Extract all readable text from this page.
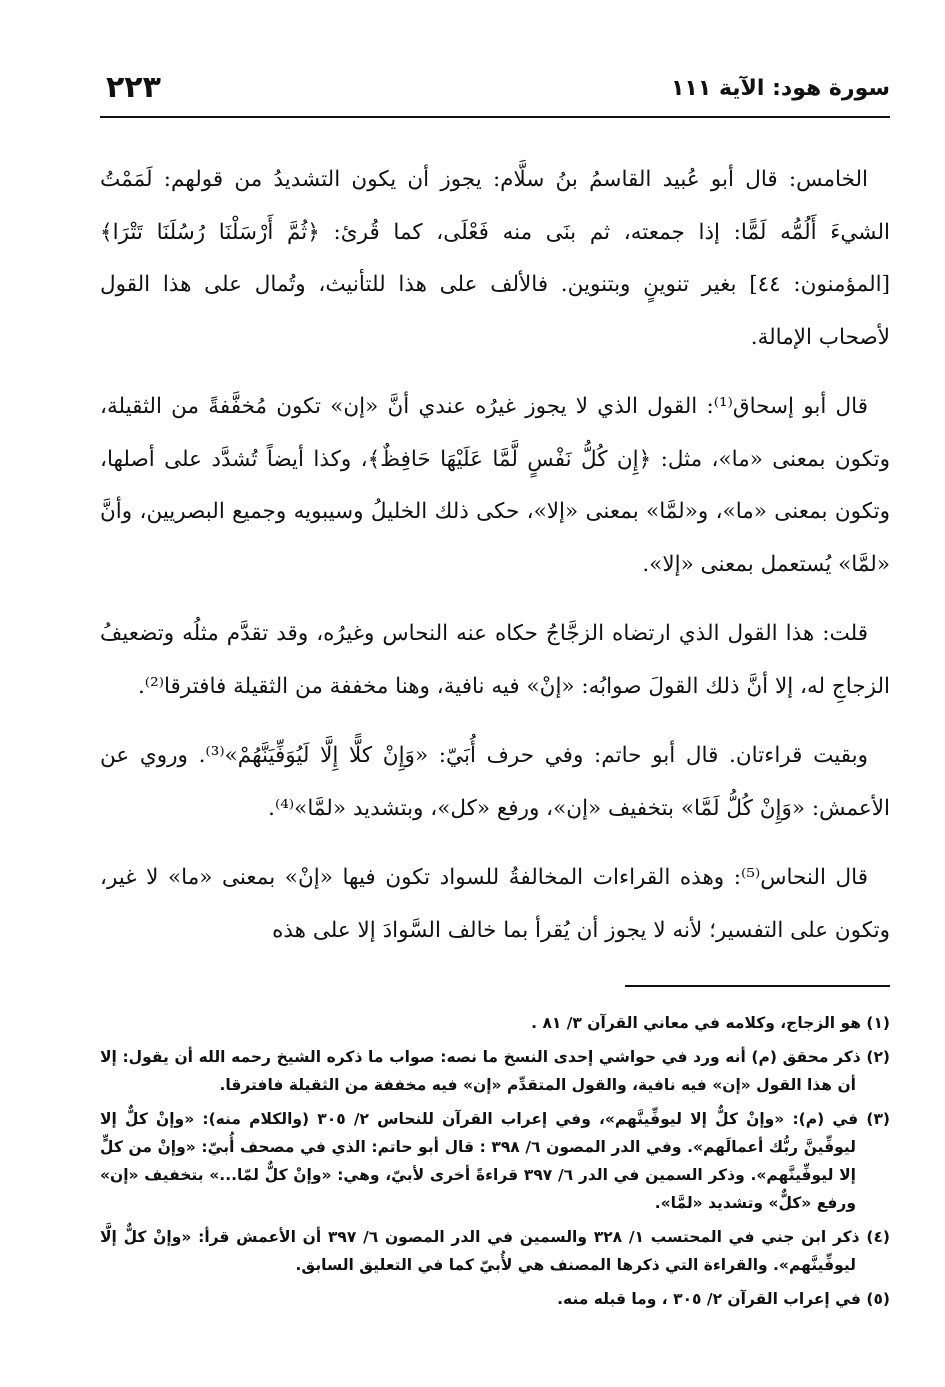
سورة هود: الآية ١١١
٢٢٣

الخامس: قال أبو عُبيد القاسمُ بنُ سلَّام: يجوز أن يكون التشديدُ من قولهم: لَمَمْتُ الشيءَ أَلُمُّه لَمًّا: إذا جمعته، ثم بنَى منه فَعْلَى، كما قُرئ: ﴿ثُمَّ أَرْسَلْنَا رُسُلَنَا تَتْرَا﴾ [المؤمنون: ٤٤] بغير تنوينٍ وبتنوين. فالألف على هذا للتأنيث، وتُمال على هذا القول لأصحاب الإمالة.

قال أبو إسحاق⁽¹⁾: القول الذي لا يجوز غيرُه عندي أنَّ «إن» تكون مُخفَّفةً من الثقيلة، وتكون بمعنى «ما»، مثل: ﴿إِن كُلُّ نَفْسٍ لَّمَّا عَلَيْهَا حَافِظٌ﴾، وكذا أيضاً تُشدَّد على أصلها، وتكون بمعنى «ما»، و«لمَّا» بمعنى «إلا»، حكى ذلك الخليلُ وسيبويه وجميع البصريين، وأنَّ «لمَّا» يُستعمل بمعنى «إلا».

قلت: هذا القول الذي ارتضاه الزجَّاجُ حكاه عنه النحاس وغيرُه، وقد تقدَّم مثلُه وتضعيفُ الزجاجِ له، إلا أنَّ ذلك القولَ صوابُه: «إنْ» فيه نافية، وهنا مخففة من الثقيلة فافترقا⁽²⁾.

وبقيت قراءتان. قال أبو حاتم: وفي حرف أُبَيّ: «وَإِنْ كلًّا إِلَّا لَيُوَفِّيَنَّهُمْ»⁽³⁾. وروي عن الأعمش: «وَإِنْ كُلُّ لَمَّا» بتخفيف «إن»، ورفع «كل»، وبتشديد «لمَّا»⁽⁴⁾.

قال النحاس⁽⁵⁾: وهذه القراءات المخالفةُ للسواد تكون فيها «إنْ» بمعنى «ما» لا غير، وتكون على التفسير؛ لأنه لا يجوز أن يُقرأ بما خالف السَّوادَ إلا على هذه

(١) هو الزجاج، وكلامه في معاني القرآن ٣/ ٨١ .

(٢) ذكر محقق (م) أنه ورد في حواشي إحدى النسخ ما نصه: صواب ما ذكره الشيخ رحمه الله أن يقول: إلا أن هذا القول «إن» فيه نافية، والقول المتقدِّم «إن» فيه مخففة من الثقيلة فافترقا.

(٣) في (م): «وإنْ كلٌّ إلا ليوفِّينَّهم»، وفي إعراب القرآن للنحاس ٢/ ٣٠٥ (والكلام منه): «وإنْ كلٌّ إلا ليوفِّينَّ ربُّك أعمالَهم». وفي الدر المصون ٦/ ٣٩٨ : قال أبو حاتم: الذي في مصحف أُبيّ: «وإنْ من كلٍّ إلا ليوفِّينَّهم». وذكر السمين في الدر ٦/ ٣٩٧ قراءةً أخرى لأبيّ، وهي: «وإنْ كلٌّ لمّا...» بتخفيف «إن» ورفع «كلٌّ» وتشديد «لمَّا».

(٤) ذكر ابن جني في المحتسب ١/ ٣٢٨ والسمين في الدر المصون ٦/ ٣٩٧ أن الأعمش قرأ: «وإنْ كلٌّ إلَّا ليوفِّينَّهم». والقراءة التي ذكرها المصنف هي لأُبيّ كما في التعليق السابق.

(٥) في إعراب القرآن ٢/ ٣٠٥ ، وما قبله منه.
